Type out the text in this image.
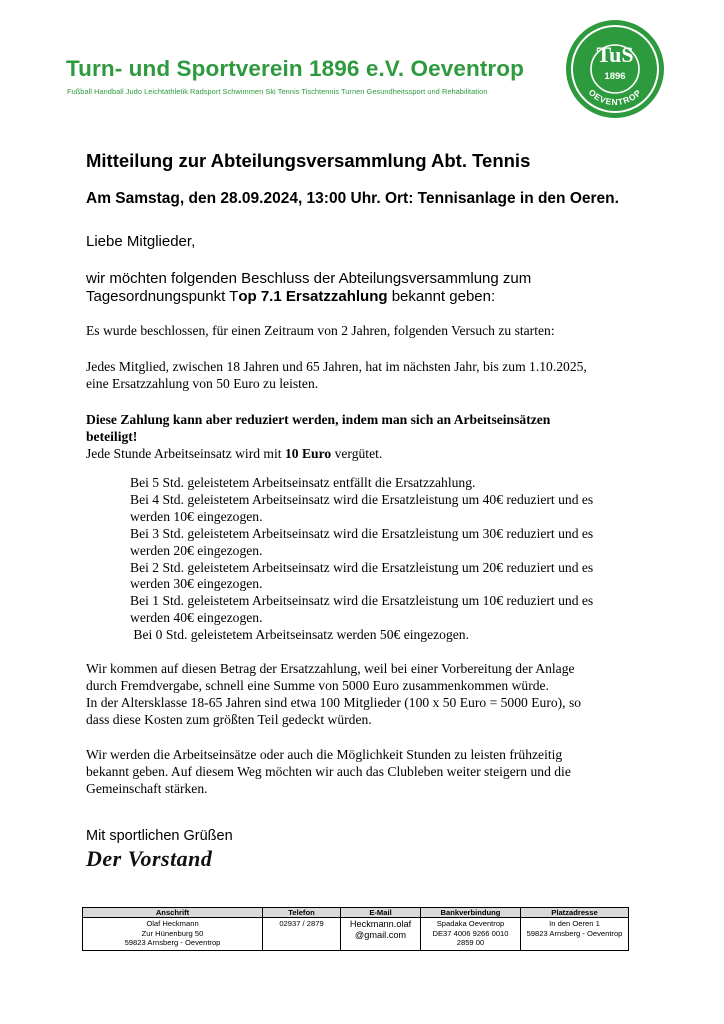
Turn- und Sportverein 1896 e.V. Oeventrop
Fußball Handball Judo Leichtathletik Radsport Schwimmen Ski Tennis Tischtennis Turnen Gesundheitssport und Rehabilitation
TuS
1896
OEVENTROP
Mitteilung zur Abteilungsversammlung Abt. Tennis
Am Samstag, den 28.09.2024, 13:00 Uhr. Ort: Tennisanlage in den Oeren.
Liebe Mitglieder,
wir möchten folgenden Beschluss der Abteilungsversammlung zum
Tagesordnungspunkt Top 7.1 Ersatzzahlung bekannt geben:
Es wurde beschlossen, für einen Zeitraum von 2 Jahren, folgenden Versuch zu starten:
Jedes Mitglied, zwischen 18 Jahren und 65 Jahren, hat im nächsten Jahr, bis zum 1.10.2025,
eine Ersatzzahlung von 50 Euro zu leisten.
Diese Zahlung kann aber reduziert werden, indem man sich an Arbeitseinsätzen
beteiligt!
Jede Stunde Arbeitseinsatz wird mit 10 Euro vergütet.
Bei 5 Std. geleistetem Arbeitseinsatz entfällt die Ersatzzahlung.
Bei 4 Std. geleistetem Arbeitseinsatz wird die Ersatzleistung um 40€ reduziert und es
werden 10€ eingezogen.
Bei 3 Std. geleistetem Arbeitseinsatz wird die Ersatzleistung um 30€ reduziert und es
werden 20€ eingezogen.
Bei 2 Std. geleistetem Arbeitseinsatz wird die Ersatzleistung um 20€ reduziert und es
werden 30€ eingezogen.
Bei 1 Std. geleistetem Arbeitseinsatz wird die Ersatzleistung um 10€ reduziert und es
werden 40€ eingezogen.
Bei 0 Std. geleistetem Arbeitseinsatz werden 50€ eingezogen.
Wir kommen auf diesen Betrag der Ersatzzahlung, weil bei einer Vorbereitung der Anlage
durch Fremdvergabe, schnell eine Summe von 5000 Euro zusammenkommen würde.
In der Altersklasse 18-65 Jahren sind etwa 100 Mitglieder (100 x 50 Euro = 5000 Euro), so
dass diese Kosten zum größten Teil gedeckt würden.
Wir werden die Arbeitseinsätze oder auch die Möglichkeit Stunden zu leisten frühzeitig
bekannt geben. Auf diesem Weg möchten wir auch das Clubleben weiter steigern und die
Gemeinschaft stärken.
Mit sportlichen Grüßen
Der Vorstand
Anschrift	Telefon	E-Mail	Bankverbindung	Platzadresse

Olaf Heckmann
Zur Hünenburg 50
59823 Arnsberg - Oeventrop	02937 / 2879	Heckmann.olaf
@gmail.com	Spadaka Oeventrop
DE37 4006 9266 0010
2859 00	In den Oeren 1
59823 Arnsberg - Oeventrop
